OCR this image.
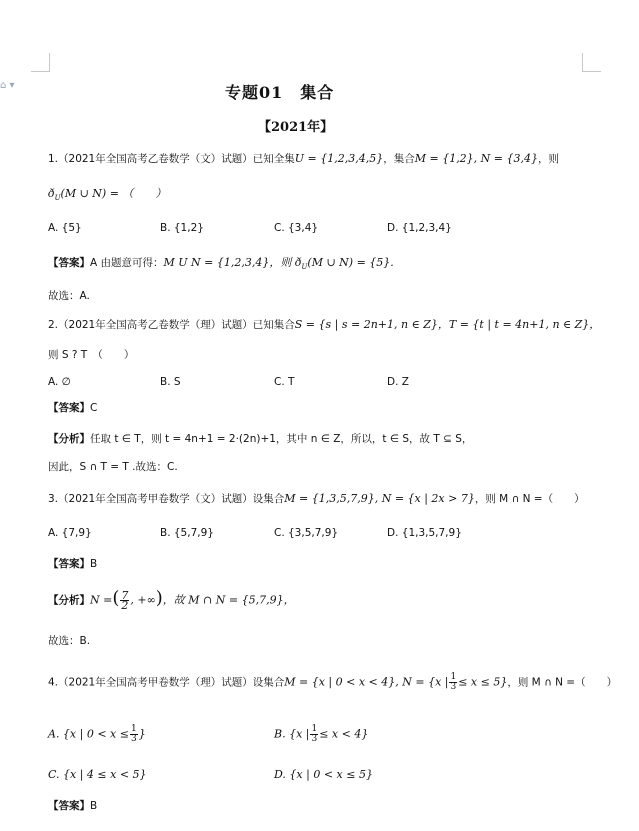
⌂ ▾	专题01　集合
【2021年】
1.（2021年全国高考乙卷数学（文）试题）已知全集U = {1,2,3,4,5}，集合M = {1,2}, N = {3,4}，则
$ð_U(M$ ∪ N) = （　　）
A. {5}	B. {1,2}	C. {3,4}	D. {1,2,3,4}
【答案】A 由题意可得：M U N = {1,2,3,4}，则 $ð_U(M$ ∪ N) = {5}.
故选：A.
2.（2021年全国高考乙卷数学（理）试题）已知集合S = {s | s = 2n+1, n ∈ Z}，T = {t | t = 4n+1, n ∈ Z}，
则 S ? T　（　　）
A. ∅	B. S	C. T	D. Z
【答案】C
【分析】任取 t ∈ T，则 t = 4n+1 = 2·(2n)+1，其中 n ∈ Z，所以，t ∈ S，故 T ⊆ S，
因此，S ∩ T = T .故选：C.
3.（2021年全国高考甲卷数学（文）试题）设集合M = {1,3,5,7,9}, N = {x | 2x > 7}，则 M ∩ N =（　　）
A. {7,9}	B. {5,7,9}	C. {3,5,7,9}	D. {1,3,5,7,9}
【答案】B
【分析】N =( $\frac{7}{2}$ , +∞)，故 M ∩ N = {5,7,9}，
故选：B.
4.（2021年全国高考甲卷数学（理）试题）设集合M = {x | 0 < x < 4}, N = {x | $\frac{1}{3} \le x \le 5$}，则 M ∩ N =（　　）
A. {x | $0 < x \le \frac{1}{3}$ }	B. {x | $\frac{1}{3} \le x < 4$}
C. {x | 4 ≤ x < 5}	D. {x | 0 < x ≤ 5}
【答案】B
